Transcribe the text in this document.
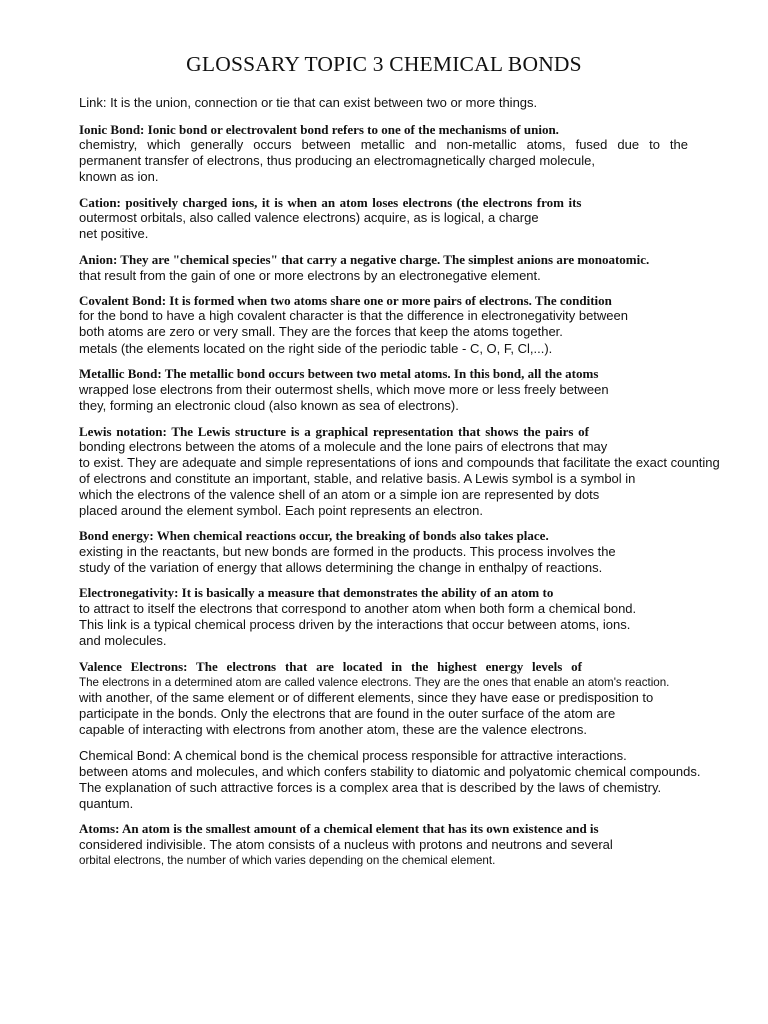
GLOSSARY TOPIC 3 CHEMICAL BONDS
Link: It is the union, connection or tie that can exist between two or more things.
Ionic Bond: Ionic bond or electrovalent bond refers to one of the mechanisms of union.
chemistry, which generally occurs between metallic and non-metallic atoms, fused due to the
permanent transfer of electrons, thus producing an electromagnetically charged molecule,
known as ion.
Cation: positively charged ions, it is when an atom loses electrons (the electrons from its
outermost orbitals, also called valence electrons) acquire, as is logical, a charge
net positive.
Anion: They are "chemical species" that carry a negative charge. The simplest anions are monoatomic.
that result from the gain of one or more electrons by an electronegative element.
Covalent Bond: It is formed when two atoms share one or more pairs of electrons. The condition
for the bond to have a high covalent character is that the difference in electronegativity between
both atoms are zero or very small. They are the forces that keep the atoms together.
metals (the elements located on the right side of the periodic table - C, O, F, Cl,...).
Metallic Bond: The metallic bond occurs between two metal atoms. In this bond, all the atoms
wrapped lose electrons from their outermost shells, which move more or less freely between
they, forming an electronic cloud (also known as sea of electrons).
Lewis notation: The Lewis structure is a graphical representation that shows the pairs of
bonding electrons between the atoms of a molecule and the lone pairs of electrons that may
to exist. They are adequate and simple representations of ions and compounds that facilitate the exact counting
of electrons and constitute an important, stable, and relative basis. A Lewis symbol is a symbol in
which the electrons of the valence shell of an atom or a simple ion are represented by dots
placed around the element symbol. Each point represents an electron.
Bond energy: When chemical reactions occur, the breaking of bonds also takes place.
existing in the reactants, but new bonds are formed in the products. This process involves the
study of the variation of energy that allows determining the change in enthalpy of reactions.
Electronegativity: It is basically a measure that demonstrates the ability of an atom to
to attract to itself the electrons that correspond to another atom when both form a chemical bond.
This link is a typical chemical process driven by the interactions that occur between atoms, ions.
and molecules.
Valence Electrons: The electrons that are located in the highest energy levels of
The electrons in a determined atom are called valence electrons. They are the ones that enable an atom's reaction.
with another, of the same element or of different elements, since they have ease or predisposition to
participate in the bonds. Only the electrons that are found in the outer surface of the atom are
capable of interacting with electrons from another atom, these are the valence electrons.
Chemical Bond: A chemical bond is the chemical process responsible for attractive interactions.
between atoms and molecules, and which confers stability to diatomic and polyatomic chemical compounds.
The explanation of such attractive forces is a complex area that is described by the laws of chemistry.
quantum.
Atoms: An atom is the smallest amount of a chemical element that has its own existence and is
considered indivisible. The atom consists of a nucleus with protons and neutrons and several
orbital electrons, the number of which varies depending on the chemical element.
